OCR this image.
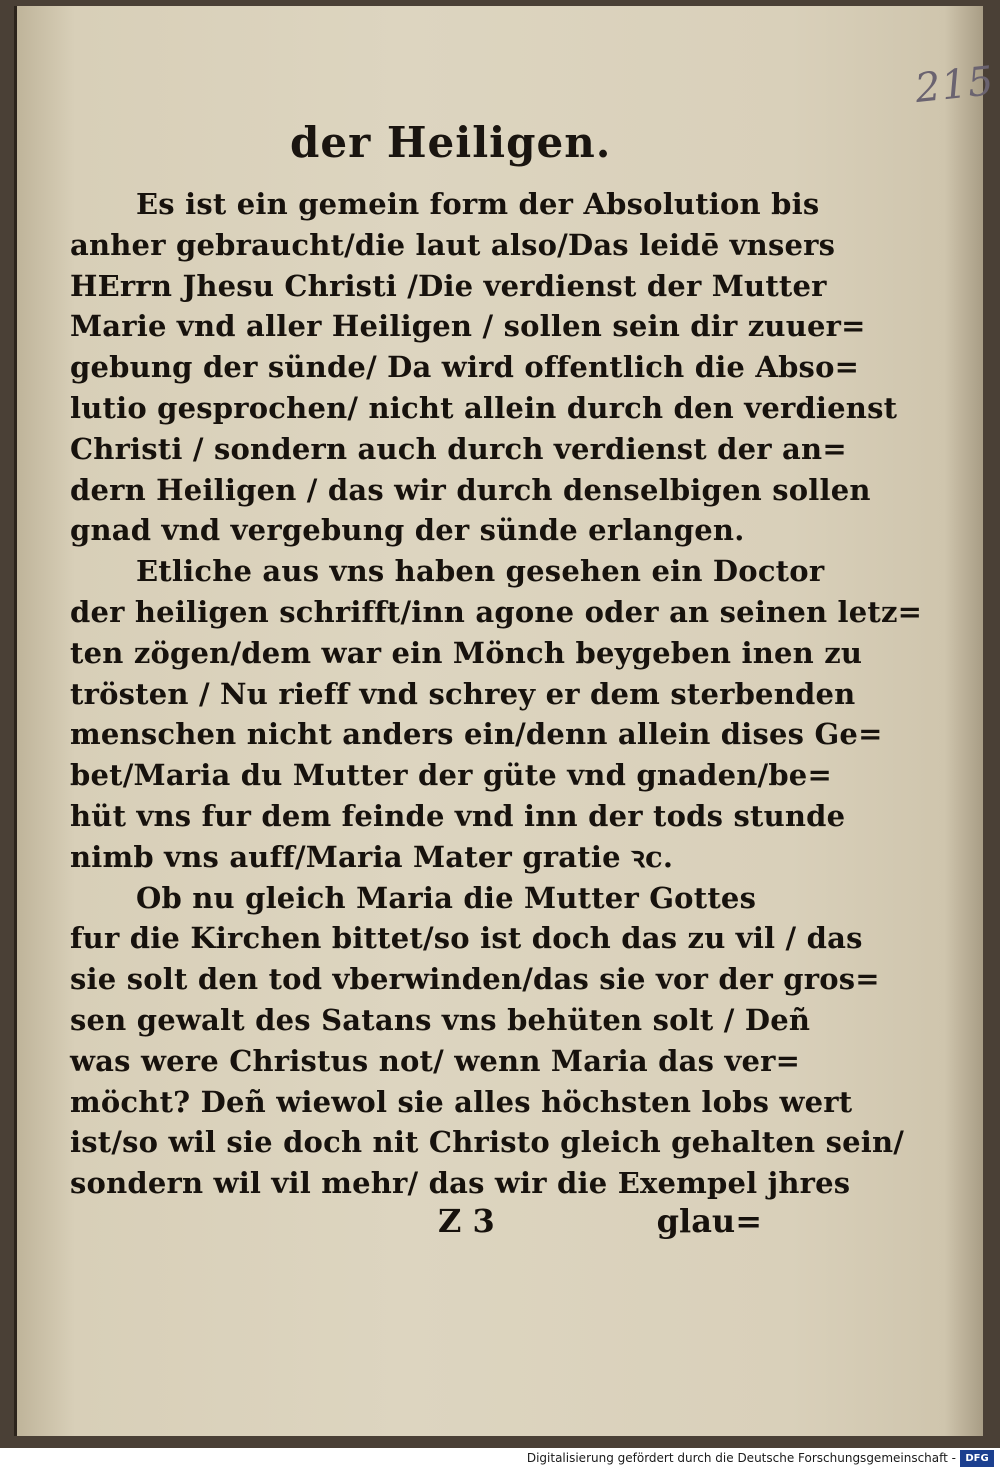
215
der Heiligen.
Es ist ein gemein form der Absolution bis
anher gebraucht/die laut also/Das leidē vnsers
HErrn Jhesu Christi /Die verdienst der Mutter
Marie vnd aller Heiligen / sollen sein dir zuuer=
gebung der sünde/ Da wird offentlich die Abso=
lutio gesprochen/ nicht allein durch den verdienst
Christi / sondern auch durch verdienst der an=
dern Heiligen / das wir durch denselbigen sollen
gnad vnd vergebung der sünde erlangen.
Etliche aus vns haben gesehen ein Doctor
der heiligen schrifft/inn agone oder an seinen letz=
ten zögen/dem war ein Mönch beygeben inen zu
trösten / Nu rieff vnd schrey er dem sterbenden
menschen nicht anders ein/denn allein dises Ge=
bet/Maria du Mutter der güte vnd gnaden/be=
hüt vns fur dem feinde vnd inn der tods stunde
nimb vns auff/Maria Mater gratie ꝛc.
Ob nu gleich Maria die Mutter Gottes
fur die Kirchen bittet/so ist doch das zu vil / das
sie solt den tod vberwinden/das sie vor der gros=
sen gewalt des Satans vns behüten solt / Deñ
was were Christus not/ wenn Maria das ver=
möcht? Deñ wiewol sie alles höchsten lobs wert
ist/so wil sie doch nit Christo gleich gehalten sein/
sondern wil vil mehr/ das wir die Exempel jhres
Z 3	glau=
Digitalisierung gefördert durch die Deutsche Forschungsgemeinschaft - DFG
